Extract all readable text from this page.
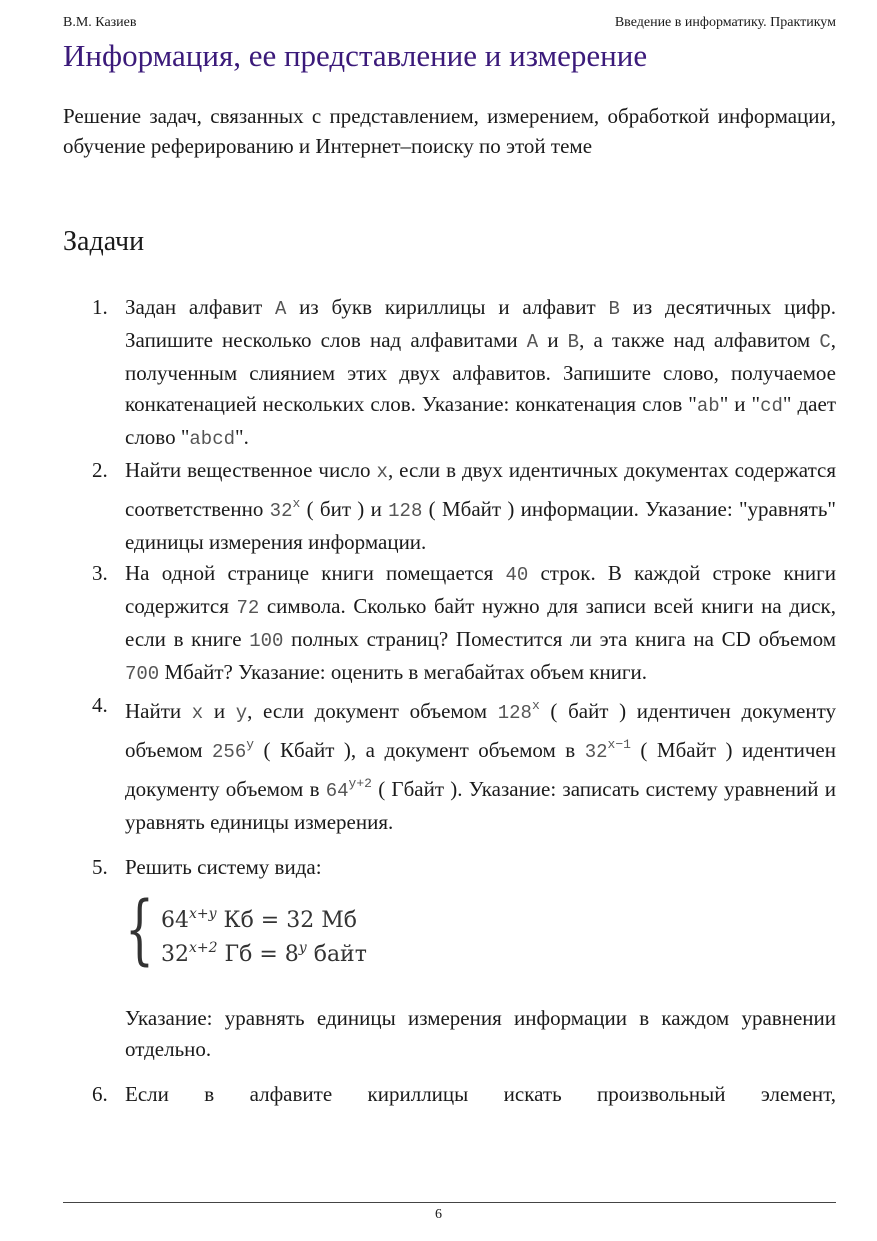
В.М. Казиев	Введение в информатику. Практикум
Информация, ее представление и измерение
Решение задач, связанных с представлением, измерением, обработкой информации, обучение реферированию и Интернет–поиску по этой теме
Задачи
1. Задан алфавит A из букв кириллицы и алфавит B из десятичных цифр. Запишите несколько слов над алфавитами A и B, а также над алфавитом C, полученным слиянием этих двух алфавитов. Запишите слово, получаемое конкатенацией нескольких слов. Указание: конкатенация слов "ab" и "cd" дает слово "abcd".
2. Найти вещественное число x, если в двух идентичных документах содержатся соответственно 32$^x$ ( бит ) и 128 ( Мбайт ) информации. Указание: "уравнять" единицы измерения информации.
3. На одной странице книги помещается 40 строк. В каждой строке книги содержится 72 символа. Сколько байт нужно для записи всей книги на диск, если в книге 100 полных страниц? Поместится ли эта книга на CD объемом 700 Мбайт? Указание: оценить в мегабайтах объем книги.
4. Найти x и y, если документ объемом 128$^x$ ( байт ) идентичен документу объемом 256$^y$ ( Кбайт ), а документ объемом в $32^{x-1}$ ( Мбайт ) идентичен документу объемом в $64^{y+2}$ ( Гбайт ). Указание: записать систему уравнений и уравнять единицы измерения.
5. Решить систему вида:
{ $64^{x+y}$ Кб = 32 Мб
$32^{x+2}$ Гб = $8^y$ байт
Указание: уравнять единицы измерения информации в каждом уравнении отдельно.
6. Если в алфавите кириллицы искать произвольный элемент,
6
